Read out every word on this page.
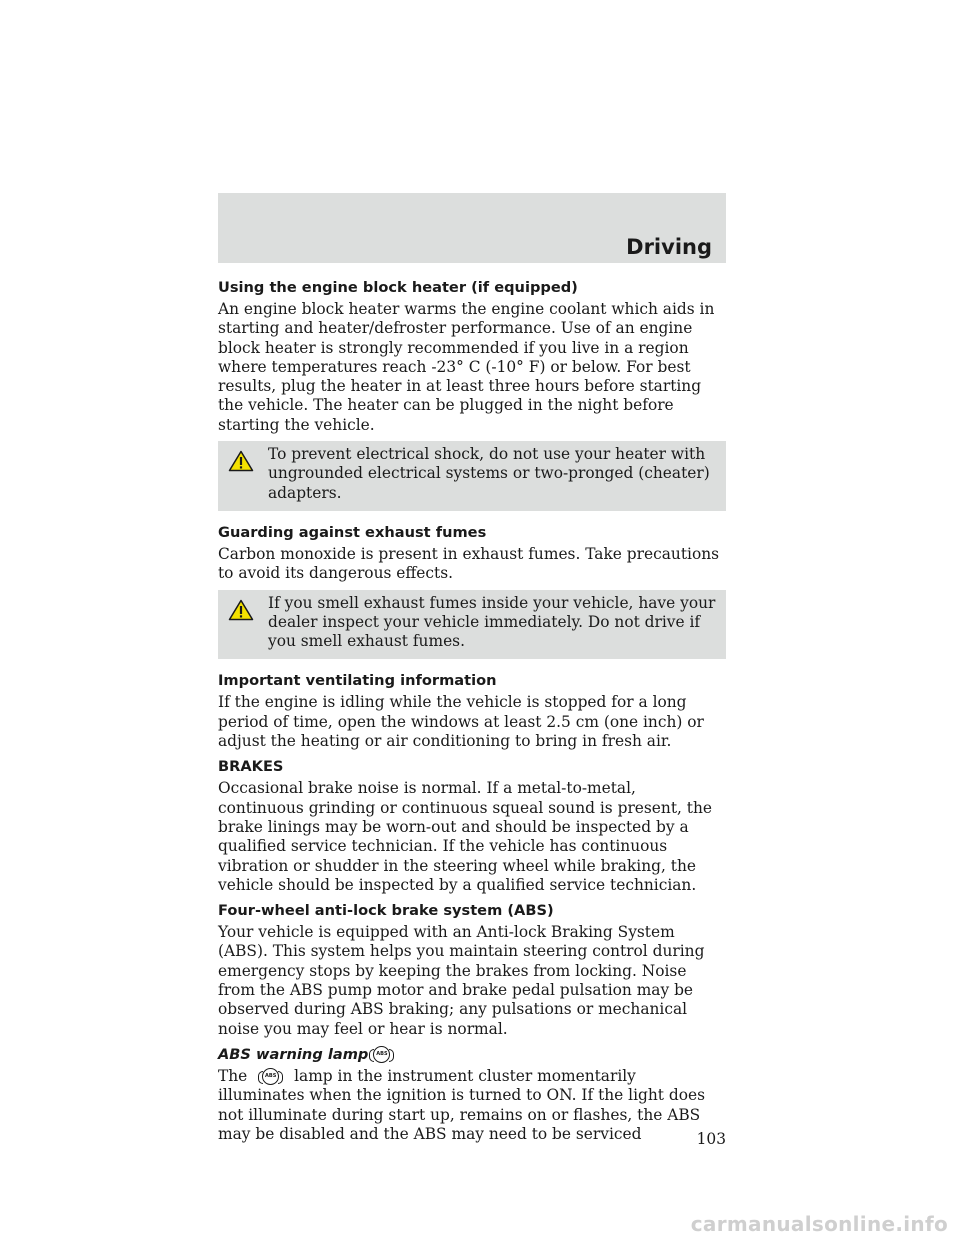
Driving
Using the engine block heater (if equipped)

An engine block heater warms the engine coolant which aids in starting and heater/defroster performance. Use of an engine block heater is strongly recommended if you live in a region where temperatures reach -23° C (-10° F) or below. For best results, plug the heater in at least three hours before starting the vehicle. The heater can be plugged in the night before starting the vehicle.

To prevent electrical shock, do not use your heater with ungrounded electrical systems or two-pronged (cheater) adapters.
Guarding against exhaust fumes

Carbon monoxide is present in exhaust fumes. Take precautions to avoid its dangerous effects.

If you smell exhaust fumes inside your vehicle, have your dealer inspect your vehicle immediately. Do not drive if you smell exhaust fumes.
Important ventilating information

If the engine is idling while the vehicle is stopped for a long period of time, open the windows at least 2.5 cm (one inch) or adjust the heating or air conditioning to bring in fresh air.

BRAKES

Occasional brake noise is normal. If a metal-to-metal, continuous grinding or continuous squeal sound is present, the brake linings may be worn-out and should be inspected by a qualified service technician. If the vehicle has continuous vibration or shudder in the steering wheel while braking, the vehicle should be inspected by a qualified service technician.

Four-wheel anti-lock brake system (ABS)

Your vehicle is equipped with an Anti-lock Braking System (ABS). This system helps you maintain steering control during emergency stops by keeping the brakes from locking. Noise from the ABS pump motor and brake pedal pulsation may be observed during ABS braking; any pulsations or mechanical noise you may feel or hear is normal.

ABS warning lamp ABS

The	ABS lamp in the instrument cluster momentarily illuminates when the ignition is turned to ON. If the light does not illuminate during start up, remains on or flashes, the ABS may be disabled and the ABS may need to be serviced	103
carmanualsonline.info
